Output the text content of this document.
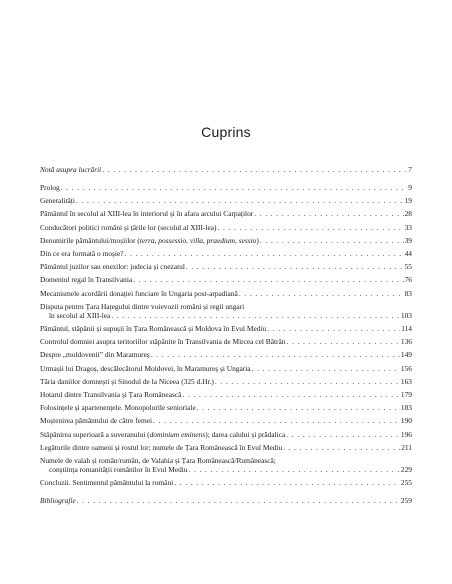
Cuprins
Notă asupra lucrării . . .	7
Prolog . . .	9
Generalități . . .	19
Pământul în secolul al XIII-lea în interiorul și în afara arcului Carpaților . . .	28
Conducători politici români și țările lor (secolul al XIII-lea) . . .	33
Denumirile pământului/moșiilor (terra, possessio, villa, praedium, sessio) . . .	39
Din ce era formată o moșie? . . .	44
Pământul juzilor sau enezilor: judecia și cnezatul . . .	55
Domeniul regal în Transilvania . . .	76
Mecanismele acordării donației funciare în Ungaria post-arpadiană . . .	83
Disputa pentru Țara Hațegului dintre voievozii români și regii ungari
în secolul al XIII-lea . . .	103
Pământul, stăpânii și supușii în Țara Românească și Moldova în Evul Mediu . . .	114
Controlul domniei asupra teritoriilor stăpânite în Transilvania de Mircea cel Bătrân . . .	136
Despre „moldovenii” din Maramureș . . .	149
Urmașii lui Dragoș, descălecătorul Moldovei, în Maramureș și Ungaria . . .	156
Tăria daniilor domnești și Sinodul de la Niceea (325 d.Hr.) . . .	163
Hotarul dintre Transilvania și Țara Românească . . .	179
Folosințele și apartenențele. Monopolurile senioriale . . .	183
Moștenirea pământului de către femei . . .	190
Stăpânirea superioară a suveranului (dominium eminens); darea calului și prădalica . . .	196
Legăturile dintre oameni și rostul lor; numele de Țara Românească în Evul Mediu . . .	211
Numele de valah și român/rumân, de Valahia și Țara Românească/Rumânească;
conștiința romanității românilor în Evul Mediu . . .	229
Concluzii. Sentimentul pământului la români . . .	255
Bibliografie . . .	259
